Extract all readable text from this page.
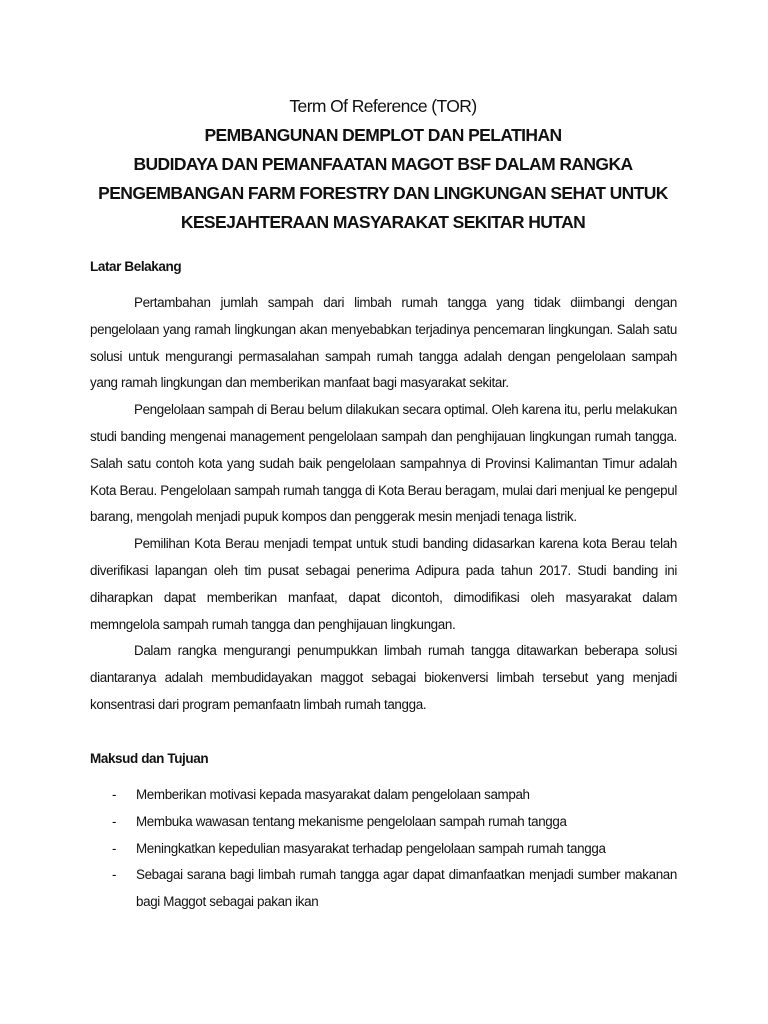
Term Of Reference (TOR)
PEMBANGUNAN DEMPLOT DAN PELATIHAN
BUDIDAYA DAN PEMANFAATAN MAGOT BSF DALAM RANGKA
PENGEMBANGAN FARM FORESTRY DAN LINGKUNGAN SEHAT UNTUK
KESEJAHTERAAN MASYARAKAT SEKITAR HUTAN
Latar Belakang

Pertambahan jumlah sampah dari limbah rumah tangga yang tidak diimbangi dengan pengelolaan yang ramah lingkungan akan menyebabkan terjadinya pencemaran lingkungan. Salah satu solusi untuk mengurangi permasalahan sampah rumah tangga adalah dengan pengelolaan sampah yang ramah lingkungan dan memberikan manfaat bagi masyarakat sekitar.

Pengelolaan sampah di Berau belum dilakukan secara optimal. Oleh karena itu, perlu melakukan studi banding mengenai management pengelolaan sampah dan penghijauan lingkungan rumah tangga. Salah satu contoh kota yang sudah baik pengelolaan sampahnya di Provinsi Kalimantan Timur adalah Kota Berau. Pengelolaan sampah rumah tangga di Kota Berau beragam, mulai dari menjual ke pengepul barang, mengolah menjadi pupuk kompos dan penggerak mesin menjadi tenaga listrik.

Pemilihan Kota Berau menjadi tempat untuk studi banding didasarkan karena kota Berau telah diverifikasi lapangan oleh tim pusat sebagai penerima Adipura pada tahun 2017. Studi banding ini diharapkan dapat memberikan manfaat, dapat dicontoh, dimodifikasi oleh masyarakat dalam memngelola sampah rumah tangga dan penghijauan lingkungan.

Dalam rangka mengurangi penumpukkan limbah rumah tangga ditawarkan beberapa solusi diantaranya adalah membudidayakan maggot sebagai biokenversi limbah tersebut yang menjadi konsentrasi dari program pemanfaatn limbah rumah tangga.

Maksud dan Tujuan
- Memberikan motivasi kepada masyarakat dalam pengelolaan sampah
- Membuka wawasan tentang mekanisme pengelolaan sampah rumah tangga
- Meningkatkan kepedulian masyarakat terhadap pengelolaan sampah rumah tangga
- Sebagai sarana bagi limbah rumah tangga agar dapat dimanfaatkan menjadi sumber makanan bagi Maggot sebagai pakan ikan
